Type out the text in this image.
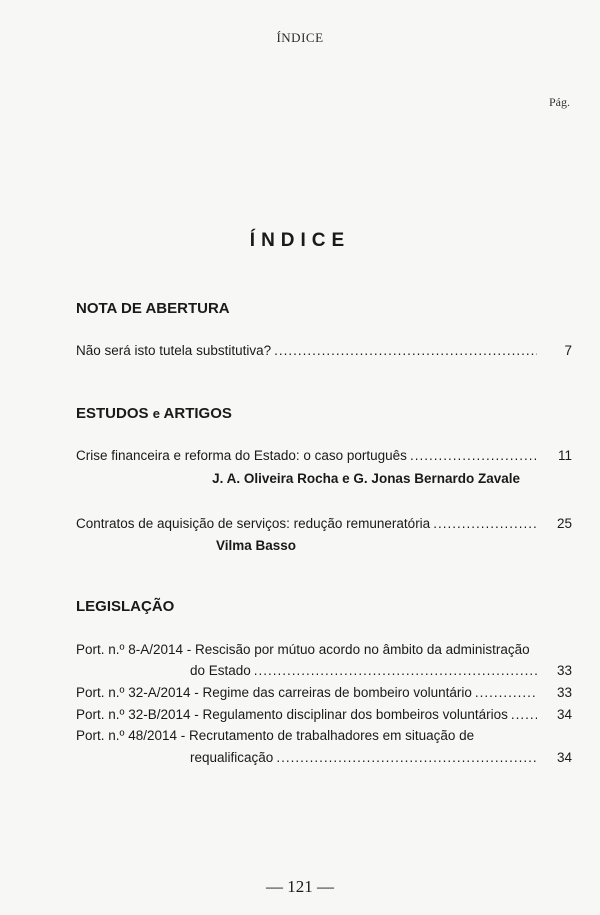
ÍNDICE
Pág.
ÍNDICE
NOTA DE ABERTURA
Não será isto tutela substitutiva? .....	7
ESTUDOS e ARTIGOS
Crise financeira e reforma do Estado: o caso português .....	11
J. A. Oliveira Rocha e G. Jonas Bernardo Zavale
Contratos de aquisição de serviços: redução remuneratória .....	25
Vilma Basso
LEGISLAÇÃO
Port. n.º 8-A/2014 - Rescisão por mútuo acordo no âmbito da administração
do Estado .....	33
Port. n.º 32-A/2014 - Regime das carreiras de bombeiro voluntário .....	33
Port. n.º 32-B/2014 - Regulamento disciplinar dos bombeiros voluntários .....	34
Port. n.º 48/2014 - Recrutamento de trabalhadores em situação de
requalificação .....	34
— 121 —
